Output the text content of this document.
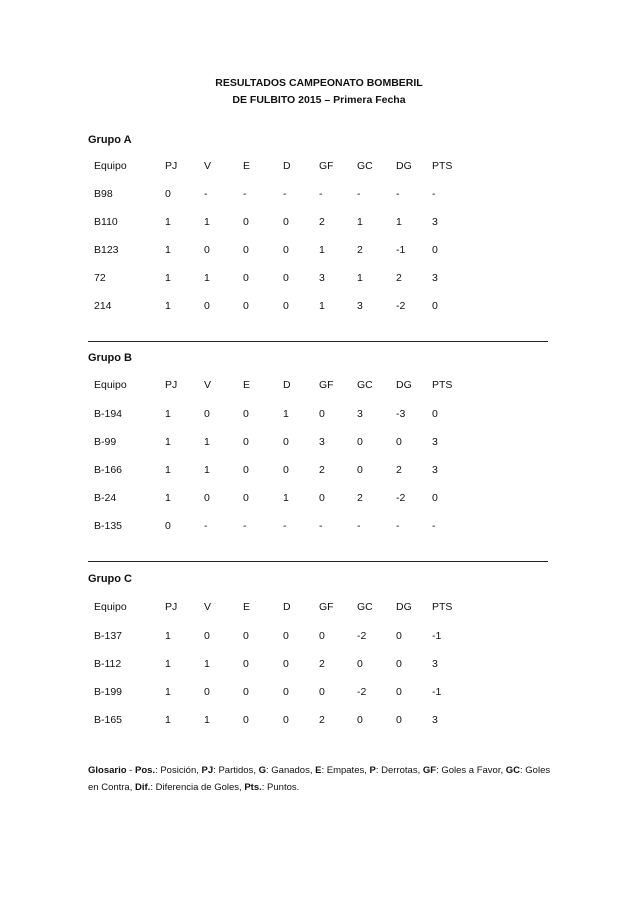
RESULTADOS CAMPEONATO BOMBERIL
DE FULBITO 2015 – Primera Fecha
Grupo A
Equipo	PJ	V	E	D	GF GC DG PTS
B98	0	-	-	-	-	-	-	-
B110	1	1	0	0	2	1	1	3
B123	1	0	0	0	1	2	-1	0
72	1	1	0	0	3	1	2	3
214	1	0	0	0	1	3	-2	0
Grupo B
Equipo	PJ	V	E	D	GF GC DG PTS
B-194	1	0	0	1	0	3	-3	0
B-99	1	1	0	0	3	0	0	3
B-166	1	1	0	0	2	0	2	3
B-24	1	0	0	1	0	2	-2	0
B-135	0	-	-	-	-	-	-	-
Grupo C
Equipo	PJ	V	E	D	GF GC DG PTS
B-137	1	0	0	0	0	-2	0	-1
B-112	1	1	0	0	2	0	0	3
B-199	1	0	0	0	0	-2	0	-1
B-165	1	1	0	0	2	0	0	3
Glosario - Pos.: Posición, PJ: Partidos, G: Ganados, E: Empates, P: Derrotas, GF: Goles a Favor, GC: Goles en Contra, Dif.: Diferencia de Goles, Pts.: Puntos.
